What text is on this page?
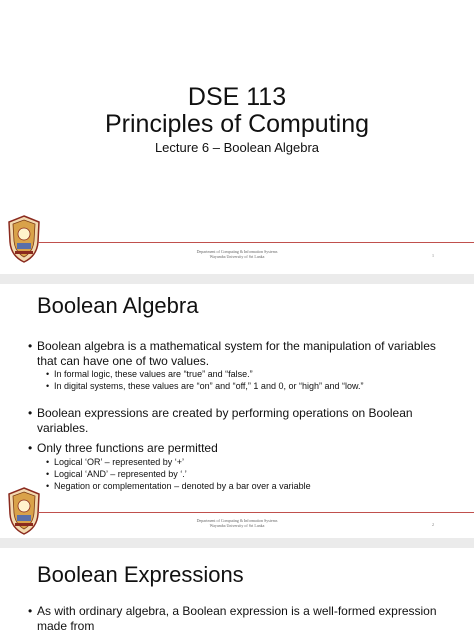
DSE 113
Principles of Computing
Lecture 6 – Boolean Algebra
Department of Computing & Information Systems
Wayamba University of Sri Lanka	1
Boolean Algebra
• Boolean algebra is a mathematical system for the manipulation of variables that can have one of two values.
• In formal logic, these values are “true” and “false.”
• In digital systems, these values are “on” and “off,” 1 and 0, or “high” and “low.”
• Boolean expressions are created by performing operations on Boolean variables.
• Only three functions are permitted
• Logical ‘OR’ – represented by ‘+’
• Logical ‘AND’ – represented by ‘.’
• Negation or complementation – denoted by a bar over a variable
Department of Computing & Information Systems
Wayamba University of Sri Lanka	2
Boolean Expressions
• As with ordinary algebra, a Boolean expression is a well-formed expression made from
